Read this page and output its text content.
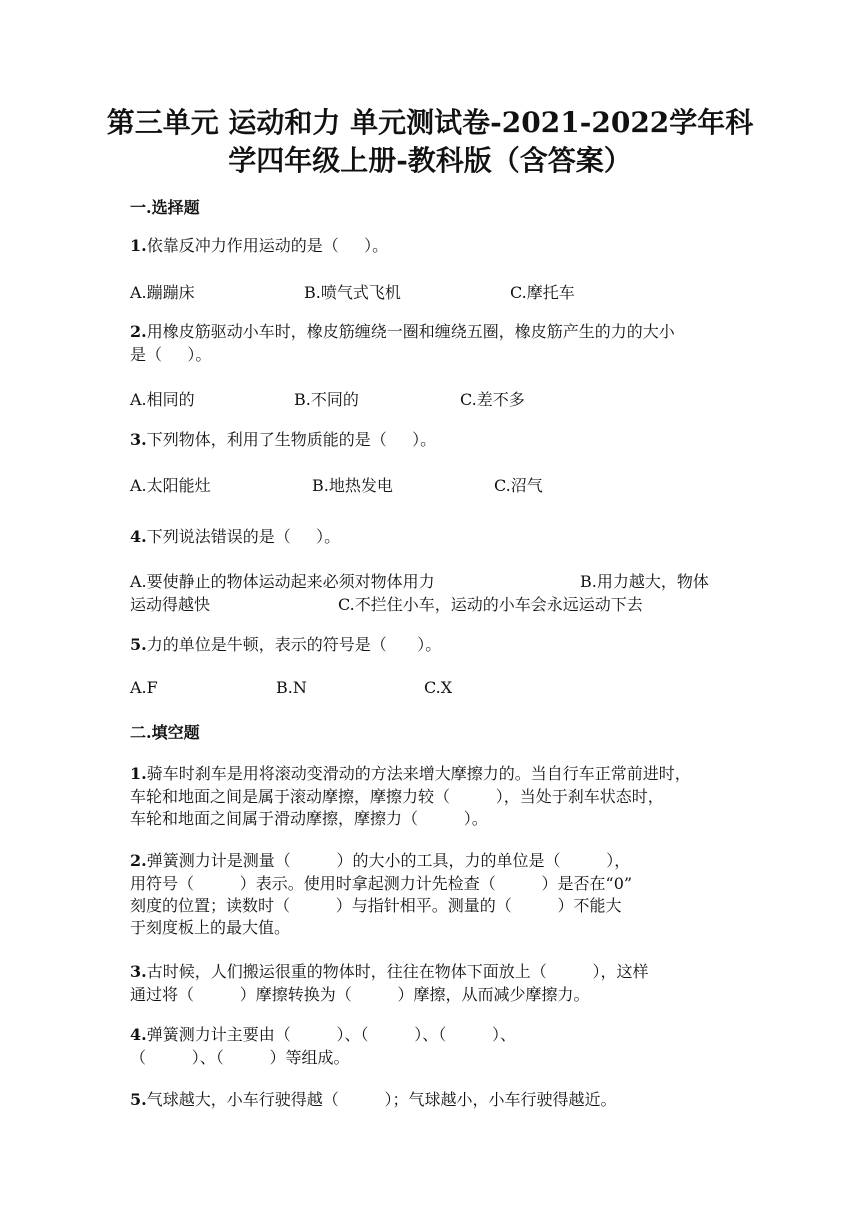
第三单元 运动和力 单元测试卷-2021-2022学年科
学四年级上册-教科版（含答案）
一.选择题
1.依靠反冲力作用运动的是（     ）。
A.蹦蹦床	B.喷气式飞机	C.摩托车
2.用橡皮筋驱动小车时，橡皮筋缠绕一圈和缠绕五圈，橡皮筋产生的力的大小
是（     ）。
A.相同的	B.不同的	C.差不多
3.下列物体，利用了生物质能的是（     ）。
A.太阳能灶	B.地热发电	C.沼气
4.下列说法错误的是（     ）。
A.要使静止的物体运动起来必须对物体用力	B.用力越大，物体
运动得越快	C.不拦住小车，运动的小车会永远运动下去
5.力的单位是牛顿，表示的符号是（      ）。
A.F	B.N	C.X
二.填空题
1.骑车时刹车是用将滚动变滑动的方法来增大摩擦力的。当自行车正常前进时，
车轮和地面之间是属于滚动摩擦，摩擦力较（         ），当处于刹车状态时，
车轮和地面之间属于滑动摩擦，摩擦力（         ）。
2.弹簧测力计是测量（         ）的大小的工具，力的单位是（         ），
用符号（         ）表示。使用时拿起测力计先检查（         ）是否在“0”
刻度的位置；读数时（         ）与指针相平。测量的（         ）不能大
于刻度板上的最大值。
3.古时候，人们搬运很重的物体时，往往在物体下面放上（         ），这样
通过将（         ）摩擦转换为（         ）摩擦，从而减少摩擦力。
4.弹簧测力计主要由（         ）、（         ）、（         ）、
（         ）、（         ）等组成。
5.气球越大，小车行驶得越（         ）；气球越小，小车行驶得越近。
